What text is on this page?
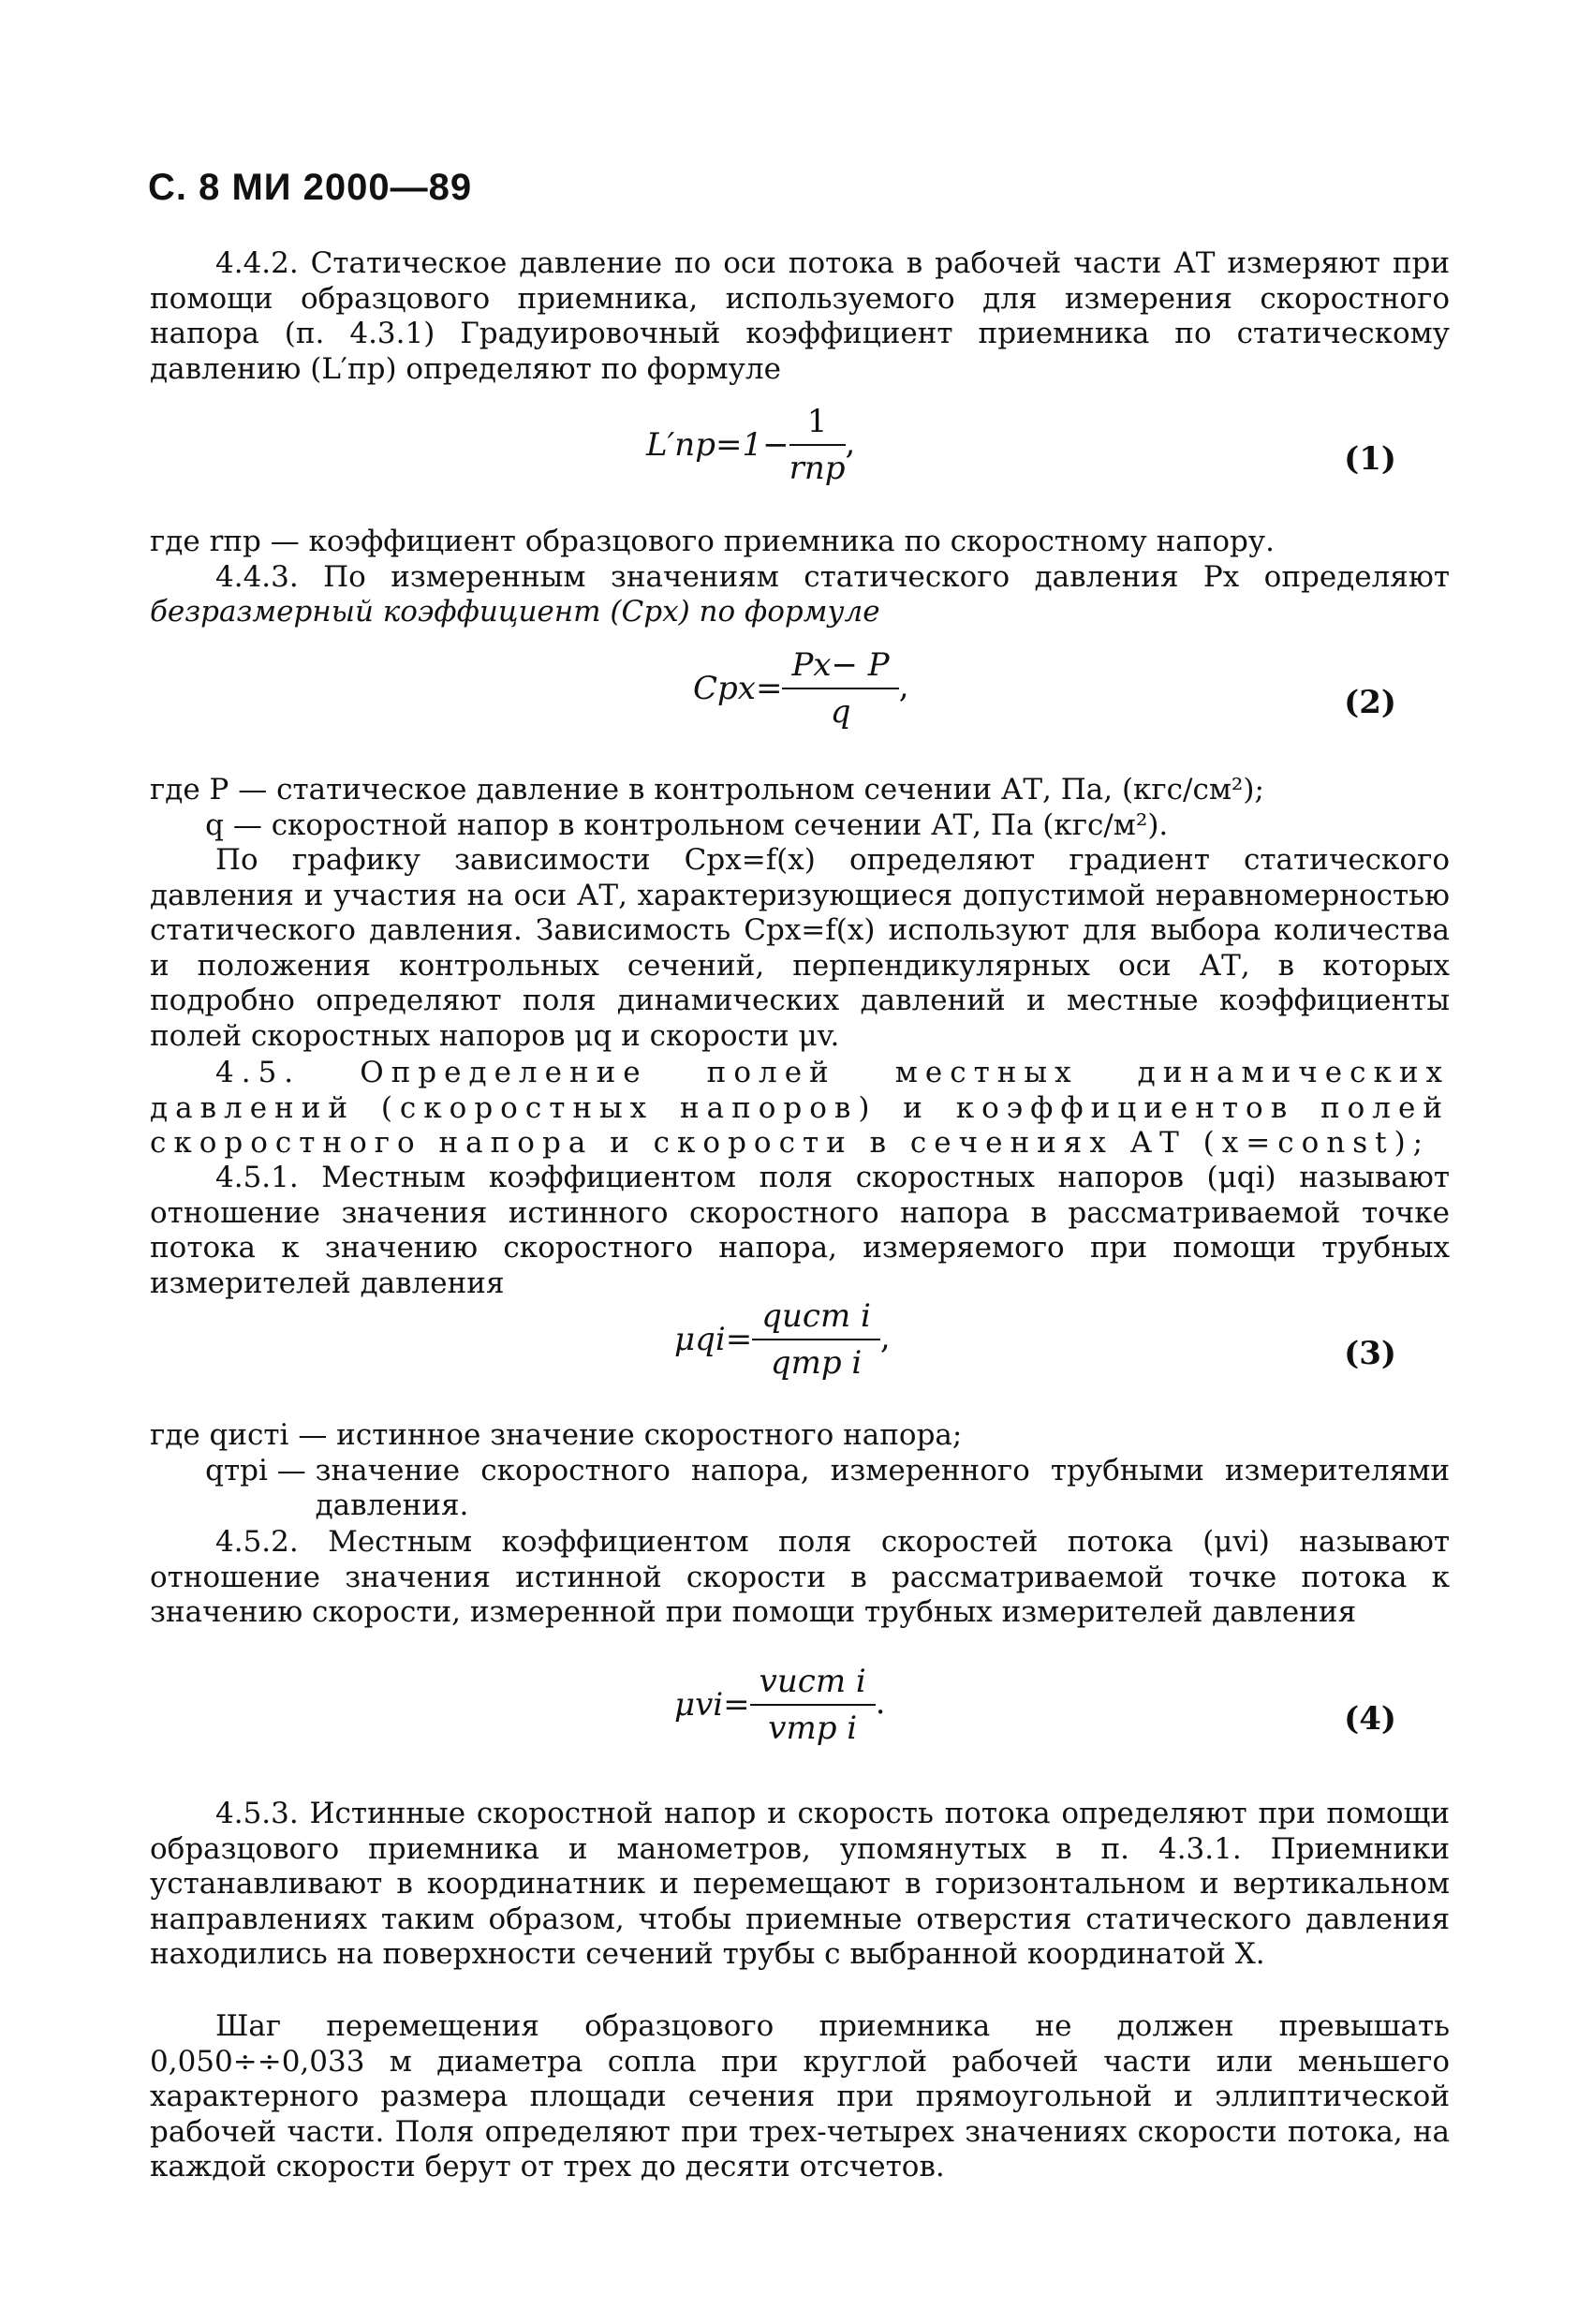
С. 8 МИ 2000—89

4.4.2. Статическое давление по оси потока в рабочей части АТ измеряют при помощи образцового приемника, используемого для измерения скоростного напора (п. 4.3.1) Градуировочный коэффициент приемника по статическому давлению (L′пр) определяют по формуле

$L'пр=1- \frac{1}{\text{rпр}}$ ,	(1)

где rпр — коэффициент образцового приемника по скоростному напору.

4.4.3. По измеренным значениям статического давления Px определяют

безразмерный коэффициент (Cpx) по формуле

$Cpx= \frac{Px- P}{q}$ ,	(2)
где P — статическое давление в контрольном сечении АТ, Па, (кгс/см²);
q — скоростной напор в контрольном сечении АТ, Па (кгс/м²).

По графику зависимости Cpx=f(x) определяют градиент статического давления и участия на оси АТ, характеризующиеся допустимой неравномерностью статического давления. Зависимость Cpx=f(x) используют для выбора количества и положения контрольных сечений, перпендикулярных оси АТ, в которых подробно определяют поля динамических давлений и местные коэффициенты полей скоростных напоров μq и скорости μv.

4.5. Определение полей местных динамических давлений (скоростных напоров) и коэффициентов полей скоростного напора и скорости в сечениях АТ (x=const);

4.5.1. Местным коэффициентом поля скоростных напоров (μqi) называют отношение значения истинного скоростного напора в рассматриваемой точке потока к значению скоростного напора, измеряемого при помощи трубных измерителей давления

$\mu qi= \frac{\text{qист i}}{\text{qтр i}}$ ,	(3)
где qистi — истинное значение скоростного напора;
qтрi — значение скоростного напора, измеренного трубными измерителями давления.

4.5.2. Местным коэффициентом поля скоростей потока (μvi) называют отношение значения истинной скорости в рассматриваемой точке потока к значению скорости, измеренной при помощи трубных измерителей давления

$\mu vi= \frac{\text{vист i}}{\text{vтр i}}$ .	(4)

4.5.3. Истинные скоростной напор и скорость потока определяют при помощи образцового приемника и манометров, упомянутых в п. 4.3.1. Приемники устанавливают в координатник и перемещают в горизонтальном и вертикальном направлениях таким образом, чтобы приемные отверстия статического давления находились на поверхности сечений трубы с выбранной координатой X.

Шаг перемещения образцового приемника не должен превышать 0,050÷÷0,033 м диаметра сопла при круглой рабочей части или меньшего характерного размера площади сечения при прямоугольной и эллиптической рабочей части. Поля определяют при трех-четырех значениях скорости потока, на каждой скорости берут от трех до десяти отсчетов.
